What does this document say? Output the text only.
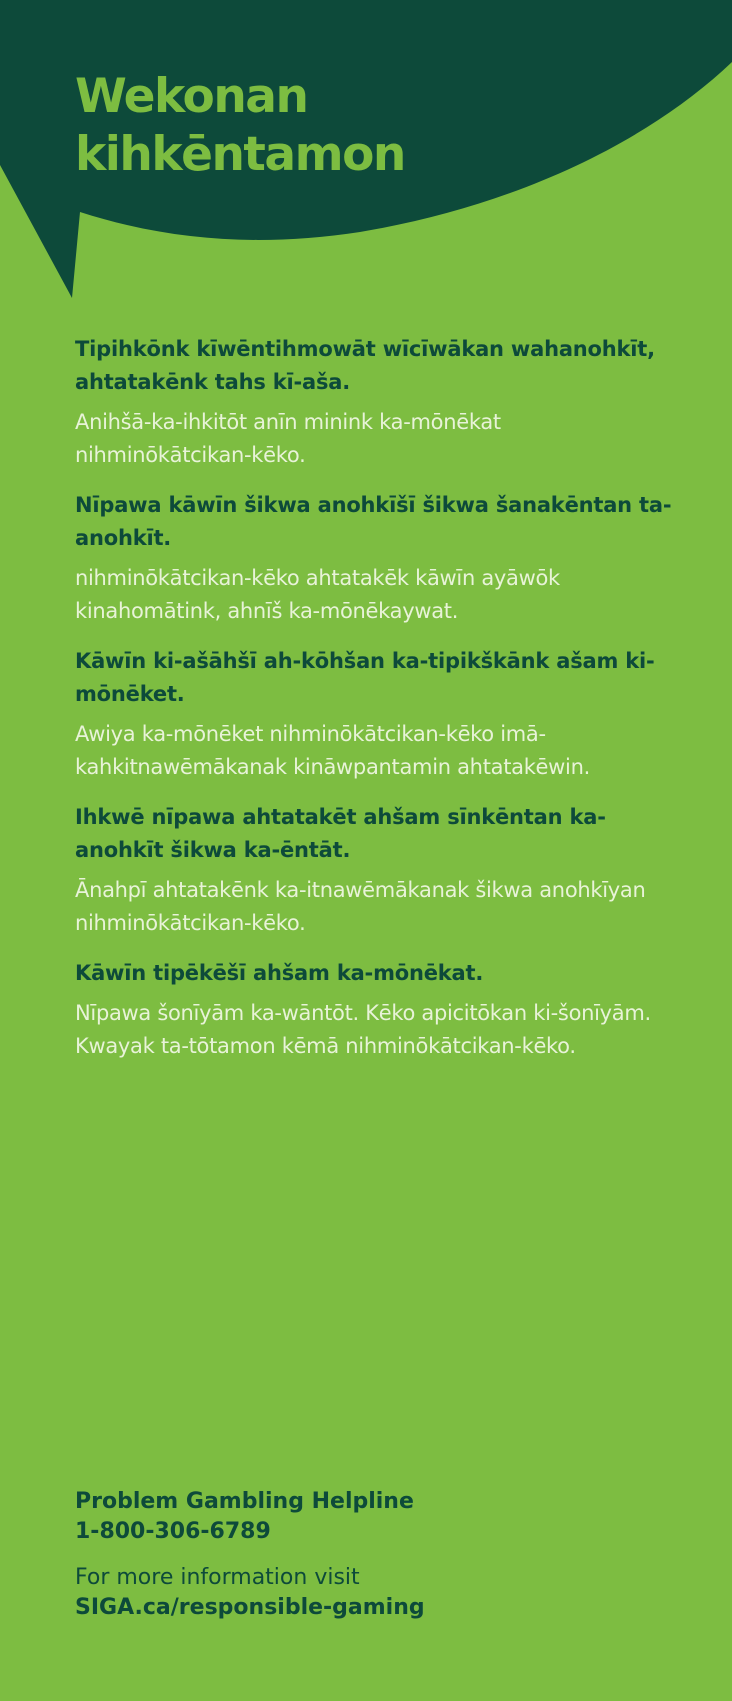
Wekonan
kihkēntamon
Tipihkōnk kīwēntihmowāt wīcīwākan wahanohkīt, ahtatakēnk tahs kī-aša.

Anihšā-ka-ihkitōt anīn minink ka-mōnēkat nihminōkātcikan-kēko.

Nīpawa kāwīn šikwa anohkīšī šikwa šanakēntan ta-anohkīt.

nihminōkātcikan-kēko ahtatakēk kāwīn ayāwōk kinahomātink, ahnīš ka-mōnēkaywat.

Kāwīn ki-ašāhšī ah-kōhšan ka-tipikškānk ašam ki-mōnēket.

Awiya ka-mōnēket nihminōkātcikan-kēko imā-kahkitnawēmākanak kināwpantamin ahtatakēwin.

Ihkwē nīpawa ahtatakēt ahšam sīnkēntan ka-anohkīt šikwa ka-ēntāt.

Ānahpī ahtatakēnk ka-itnawēmākanak šikwa anohkīyan nihminōkātcikan-kēko.

Kāwīn tipēkēšī ahšam ka-mōnēkat.

Nīpawa šonīyām ka-wāntōt. Kēko apicitōkan ki-šonīyām. Kwayak ta-tōtamon kēmā nihminōkātcikan-kēko.

Problem Gambling Helpline

1-800-306-6789

For more information visit

SIGA.ca/responsible-gaming
